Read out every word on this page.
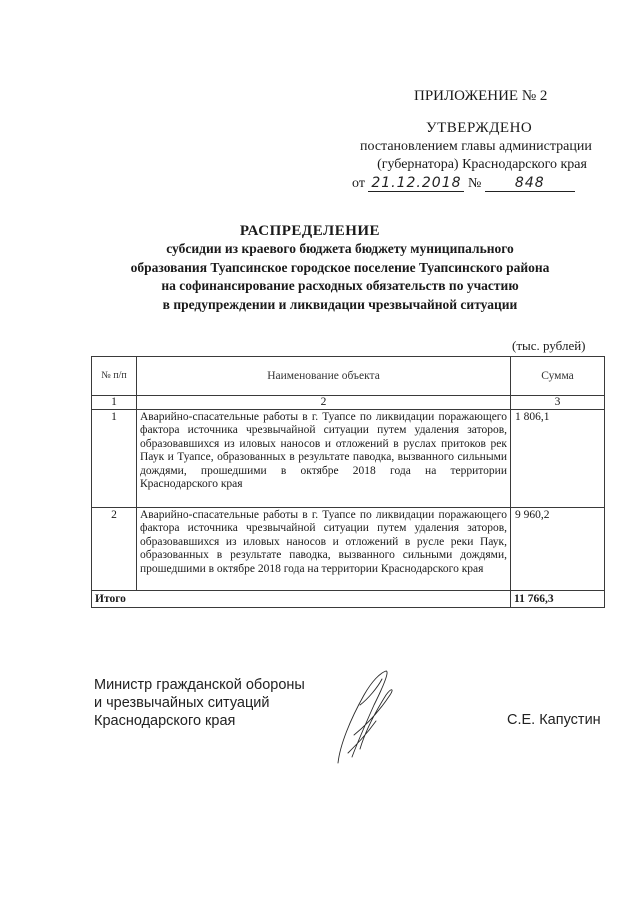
ПРИЛОЖЕНИЕ № 2
УТВЕРЖДЕНО
постановлением главы администрации
(губернатора) Краснодарского края
от 21.12.2018 № 848
РАСПРЕДЕЛЕНИЕ
субсидии из краевого бюджета бюджету муниципального
образования Туапсинское городское поселение Туапсинского района
на софинансирование расходных обязательств по участию
в предупреждении и ликвидации чрезвычайной ситуации
(тыс. рублей)
№ п/п	Наименование объекта	Сумма
1	2	3
1	Аварийно-спасательные работы в г. Туапсе по ликвидации поражающего фактора источника чрезвычайной ситуации путем удаления заторов, образовавшихся из иловых наносов и отложений в руслах притоков рек Паук и Туапсе, образованных в результате паводка, вызванного сильными дождями, прошедшими в октябре 2018 года на территории Краснодарского края	1 806,1
2	Аварийно-спасательные работы в г. Туапсе по ликвидации поражающего фактора источника чрезвычайной ситуации путем удаления заторов, образовавшихся из иловых наносов и отложений в русле реки Паук, образованных в результате паводка, вызванного сильными дождями, прошедшими в октябре 2018 года на территории Краснодарского края	9 960,2
Итого		11 766,3
Министр гражданской обороны
и чрезвычайных ситуаций
Краснодарского края	С.Е. Капустин
